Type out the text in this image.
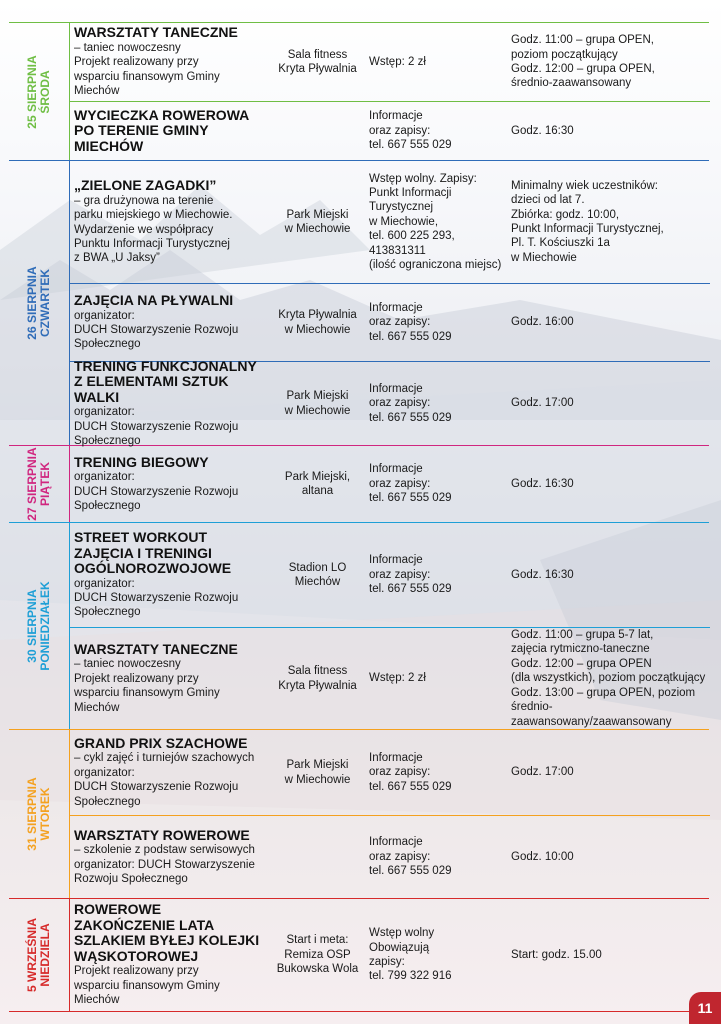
25 SIERPNIA ŚRODA
WARSZTATY TANECZNE
– taniec nowoczesny
Projekt realizowany przy
wsparciu finansowym Gminy
Miechów
Sala fitness
Kryta Pływalnia
Wstęp: 2 zł
Godz. 11:00 – grupa OPEN,
poziom początkujący
Godz. 12:00 – grupa OPEN,
średnio-zaawansowany
WYCIECZKA ROWEROWA
PO TERENIE GMINY
MIECHÓW
Informacje
oraz zapisy:
tel. 667 555 029
Godz. 16:30
26 SIERPNIA CZWARTEK
„ZIELONE ZAGADKI”
– gra drużynowa na terenie
parku miejskiego w Miechowie.
Wydarzenie we współpracy
Punktu Informacji Turystycznej
z BWA „U Jaksy”
Park Miejski
w Miechowie
Wstęp wolny. Zapisy:
Punkt Informacji
Turystycznej
w Miechowie,
tel. 600 225 293,
413831311
(ilość ograniczona miejsc)
Minimalny wiek uczestników:
dzieci od lat 7.
Zbiórka: godz. 10:00,
Punkt Informacji Turystycznej,
Pl. T. Kościuszki 1a
w Miechowie
ZAJĘCIA NA PŁYWALNI
organizator:
DUCH Stowarzyszenie Rozwoju
Społecznego
Kryta Pływalnia
w Miechowie
Informacje
oraz zapisy:
tel. 667 555 029
Godz. 16:00
TRENING FUNKCJONALNY
Z ELEMENTAMI SZTUK WALKI
organizator:
DUCH Stowarzyszenie Rozwoju
Społecznego
Park Miejski
w Miechowie
Informacje
oraz zapisy:
tel. 667 555 029
Godz. 17:00
27 SIERPNIA PIĄTEK
TRENING BIEGOWY
organizator:
DUCH Stowarzyszenie Rozwoju
Społecznego
Park Miejski,
altana
Informacje
oraz zapisy:
tel. 667 555 029
Godz. 16:30
30 SIERPNIA PONIEDZIAŁEK
STREET WORKOUT
ZAJĘCIA I TRENINGI
OGÓLNOROZWOJOWE
organizator:
DUCH Stowarzyszenie Rozwoju
Społecznego
Stadion LO
Miechów
Informacje
oraz zapisy:
tel. 667 555 029
Godz. 16:30
WARSZTATY TANECZNE
– taniec nowoczesny
Projekt realizowany przy
wsparciu finansowym Gminy
Miechów
Sala fitness
Kryta Pływalnia
Wstęp: 2 zł
Godz. 11:00 – grupa 5-7 lat,
zajęcia rytmiczno-taneczne
Godz. 12:00 – grupa OPEN
(dla wszystkich), poziom początkujący
Godz. 13:00 – grupa OPEN, poziom
średnio-zaawansowany/zaawansowany
31 SIERPNIA WTOREK
GRAND PRIX SZACHOWE
– cykl zajęć i turniejów szachowych
organizator:
DUCH Stowarzyszenie Rozwoju
Społecznego
Park Miejski
w Miechowie
Informacje
oraz zapisy:
tel. 667 555 029
Godz. 17:00
WARSZTATY ROWEROWE
– szkolenie z podstaw serwisowych
organizator: DUCH Stowarzyszenie
Rozwoju Społecznego
Informacje
oraz zapisy:
tel. 667 555 029
Godz. 10:00
5 WRZEŚNIA NIEDZIELA
ROWEROWE
ZAKOŃCZENIE LATA
SZLAKIEM BYŁEJ KOLEJKI
WĄSKOTOROWEJ
Projekt realizowany przy
wsparciu finansowym Gminy
Miechów
Start i meta:
Remiza OSP
Bukowska Wola
Wstęp wolny
Obowiązują
zapisy:
tel. 799 322 916
Start: godz. 15.00
11
